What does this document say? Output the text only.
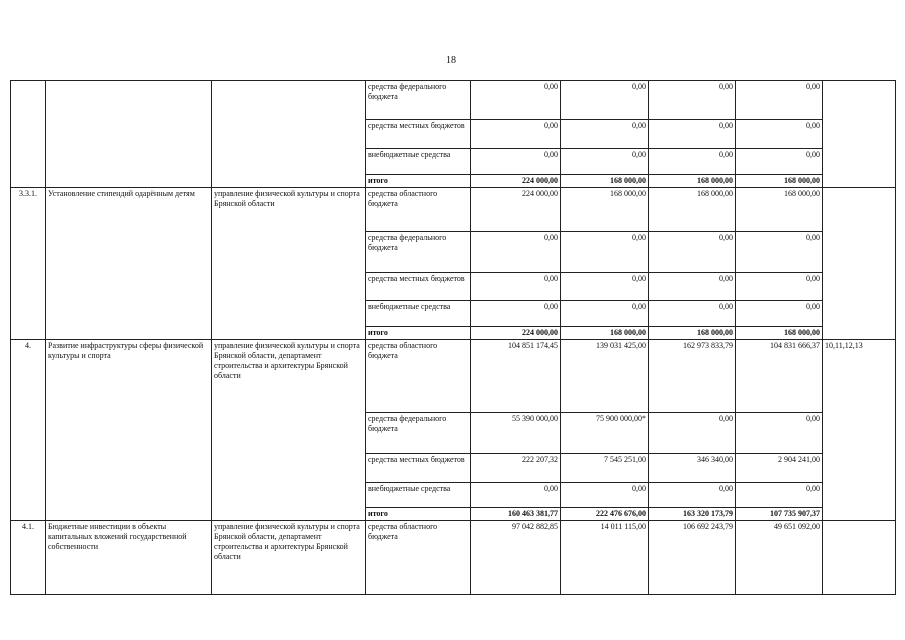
18
			средства федерального бюджета	0,00	0,00	0,00	0,00	
			средства местных бюджетов	0,00	0,00	0,00	0,00	
			внебюджетные средства	0,00	0,00	0,00	0,00	
			итого	224 000,00	168 000,00	168 000,00	168 000,00	
3.3.1.	Установление стипендий одарённым детям	управление физической культуры и спорта Брянской области	средства областного бюджета	224 000,00	168 000,00	168 000,00	168 000,00	
			средства федерального бюджета	0,00	0,00	0,00	0,00	
			средства местных бюджетов	0,00	0,00	0,00	0,00	
			внебюджетные средства	0,00	0,00	0,00	0,00	
			итого	224 000,00	168 000,00	168 000,00	168 000,00	
4.	Развитие инфраструктуры сферы физической культуры и спорта	управление физической культуры и спорта Брянской области, департамент строительства и архитектуры Брянской области	средства областного бюджета	104 851 174,45	139 031 425,00	162 973 833,79	104 831 666,37	10,11,12,13
			средства федерального бюджета	55 390 000,00	75 900 000,00*	0,00	0,00	
			средства местных бюджетов	222 207,32	7 545 251,00	346 340,00	2 904 241,00	
			внебюджетные средства	0,00	0,00	0,00	0,00	
			итого	160 463 381,77	222 476 676,00	163 320 173,79	107 735 907,37	
4.1.	Бюджетные инвестиции в объекты капитальных вложений государственной собственности	управление физической культуры и спорта Брянской области, департамент строительства и архитектуры Брянской области	средства областного бюджета	97 042 882,85	14 011 115,00	106 692 243,79	49 651 092,00	
